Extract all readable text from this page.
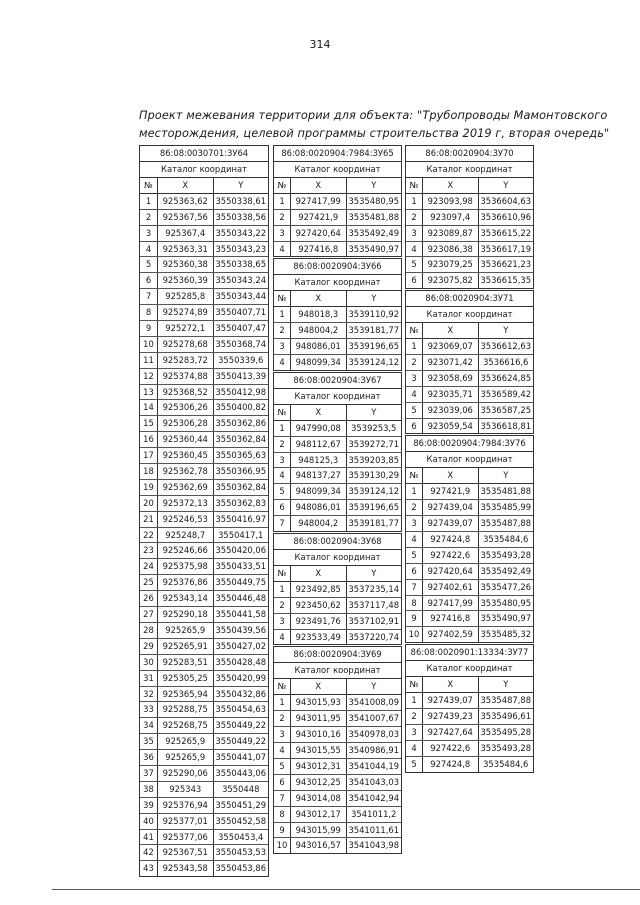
314
Проект межевания территории для объекта: "Трубопроводы Мамонтовского
месторождения, целевой программы строительства 2019 г, вторая очередь"
86:08:0030701:ЗУ64
Каталог координат
№	X	Y
1	925363,62 3550338,61
2	925367,56 3550338,56
3	925367,4	3550343,22
4	925363,31 3550343,23
5	925360,38 3550338,65
6	925360,39 3550343,24
7	925285,8	3550343,44
8	925274,89 3550407,71
9	925272,1	3550407,47
10	925278,68 3550368,74
11	925283,72	3550339,6
12	925374,88 3550413,39
13	925368,52 3550412,98
14	925306,26 3550400,82
15	925306,28 3550362,86
16	925360,44 3550362,84
17	925360,45 3550365,63
18	925362,78 3550366,95
19	925362,69 3550362,84
20	925372,13 3550362,83
21	925246,53 3550416,97
22	925248,7	3550417,1
23	925246,66 3550420,06
24	925375,98 3550433,51
25	925376,86 3550449,75
26	925343,14 3550446,48
27	925290,18 3550441,58
28	925265,9	3550439,56
29	925265,91 3550427,02
30	925283,51 3550428,48
31	925305,25 3550420,99
32	925365,94 3550432,86
33	925288,75 3550454,63
34	925268,75 3550449,22
35	925265,9	3550449,22
36	925265,9	3550441,07
37	925290,06 3550443,06
38	925343	3550448
39	925376,94 3550451,29
40	925377,01 3550452,58
41	925377,06	3550453,4
42	925367,51 3550453,53
43	925343,58 3550453,86
86:08:0020904:7984:ЗУ65
Каталог координат
№	X	Y
1	927417,99 3535480,95
2	927421,9	3535481,88
3	927420,64 3535492,49
4	927416,8	3535490,97
86:08:0020904:ЗУ66
Каталог координат
№	X	Y
1	948018,3	3539110,92
2	948004,2	3539181,77
3	948086,01 3539196,65
4	948099,34 3539124,12
86:08:0020904:ЗУ67
Каталог координат
№	X	Y
1	947990,08	3539253,5
2	948112,67 3539272,71
3	948125,3	3539203,85
4	948137,27 3539130,29
5	948099,34 3539124,12
6	948086,01 3539196,65
7	948004,2	3539181,77
86:08:0020904:ЗУ68
Каталог координат
№	X	Y
1	923492,85 3537235,14
2	923450,62 3537117,48
3	923491,76 3537102,91
4	923533,49 3537220,74
86:08:0020904:ЗУ69
Каталог координат
№	X	Y
1	943015,93 3541008,09
2	943011,95 3541007,67
3	943010,16 3540978,03
4	943015,55 3540986,91
5	943012,31 3541044,19
6	943012,25 3541043,03
7	943014,08 3541042,94
8	943012,17	3541011,2
9	943015,99 3541011,61
10 943016,57 3541043,98
86:08:0020904:ЗУ70
Каталог координат
№	X	Y
1	923093,98 3536604,63
2	923097,4	3536610,96
3	923089,87 3536615,22
4	923086,38 3536617,19
5	923079,25 3536621,23
6	923075,82 3536615,35
86:08:0020904:ЗУ71
Каталог координат
№	X	Y
1	923069,07 3536612,63
2	923071,42	3536616,6
3	923058,69 3536624,85
4	923035,71 3536589,42
5	923039,06 3536587,25
6	923059,54 3536618,81
86:08:0020904:7984:ЗУ76
Каталог координат
№	X	Y
1	927421,9	3535481,88
2	927439,04 3535485,99
3	927439,07 3535487,88
4	927424,8	3535484,6
5	927422,6	3535493,28
6	927420,64 3535492,49
7	927402,61 3535477,26
8	927417,99 3535480,95
9	927416,8	3535490,97
10 927402,59 3535485,32
86:08:0020901:13334:ЗУ77
Каталог координат
№	X	Y
1	927439,07 3535487,88
2	927439,23 3535496,61
3	927427,64 3535495,28
4	927422,6	3535493,28
5	927424,8	3535484,6
